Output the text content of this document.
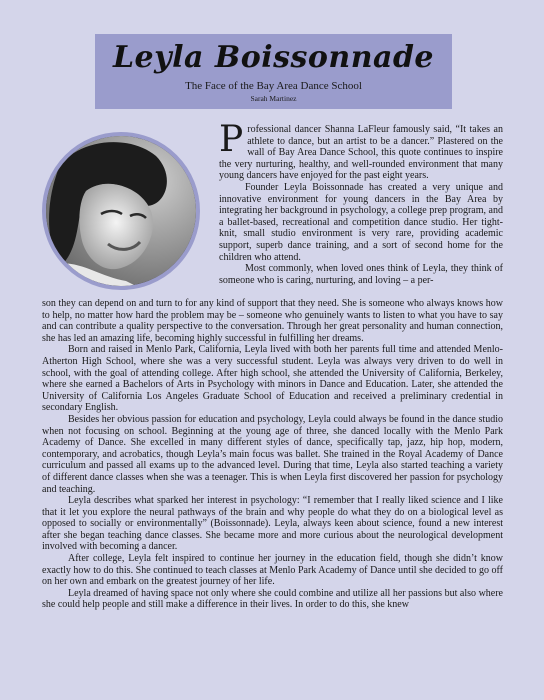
Leyla Boissonnade
The Face of the Bay Area Dance School
Sarah Martinez

Professional dancer Shanna LaFleur famously said, “It takes an athlete to dance, but an artist to be a dancer.” Plastered on the wall of Bay Area Dance School, this quote continues to inspire the very nurturing, healthy, and well-rounded environment that many young dancers have enjoyed for the past eight years.

Founder Leyla Boissonnade has created a very unique and innovative environment for young dancers in the Bay Area by integrating her background in psychology, a college prep program, and a ballet-based, recreational and competition dance studio. Her tight-knit, small studio environment is very rare, providing academic support, superb dance training, and a sort of second home for the children who attend.

Most commonly, when loved ones think of Leyla, they think of someone who is caring, nurturing, and loving – a per-

son they can depend on and turn to for any kind of support that they need. She is someone who always knows how to help, no matter how hard the problem may be – someone who genuinely wants to listen to what you have to say and can contribute a quality perspective to the conversation. Through her great personality and human connection, she has led an amazing life, becoming highly successful in fulfilling her dreams.

Born and raised in Menlo Park, California, Leyla lived with both her parents full time and attended Menlo-Atherton High School, where she was a very successful student. Leyla was always very driven to do well in school, with the goal of attending college. After high school, she attended the University of California, Berkeley, where she earned a Bachelors of Arts in Psychology with minors in Dance and Education. Later, she attended the University of California Los Angeles Graduate School of Education and received a preliminary credential in secondary English.

Besides her obvious passion for education and psychology, Leyla could always be found in the dance studio when not focusing on school. Beginning at the young age of three, she danced locally with the Menlo Park Academy of Dance. She excelled in many different styles of dance, specifically tap, jazz, hip hop, modern, contemporary, and acrobatics, though Leyla’s main focus was ballet. She trained in the Royal Academy of Dance curriculum and passed all exams up to the advanced level. During that time, Leyla also started teaching a variety of different dance classes when she was a teenager. This is when Leyla first discovered her passion for psychology and teaching.

Leyla describes what sparked her interest in psychology: “I remember that I really liked science and I like that it let you explore the neural pathways of the brain and why people do what they do on a biological level as opposed to socially or environmentally” (Boissonnade). Leyla, always keen about science, found a new interest after she began teaching dance classes. She became more and more curious about the neurological development involved with becoming a dancer.

After college, Leyla felt inspired to continue her journey in the education field, though she didn’t know exactly how to do this. She continued to teach classes at Menlo Park Academy of Dance until she decided to go off on her own and embark on the greatest journey of her life.

Leyla dreamed of having space not only where she could combine and utilize all her passions but also where she could help people and still make a difference in their lives. In order to do this, she knew
